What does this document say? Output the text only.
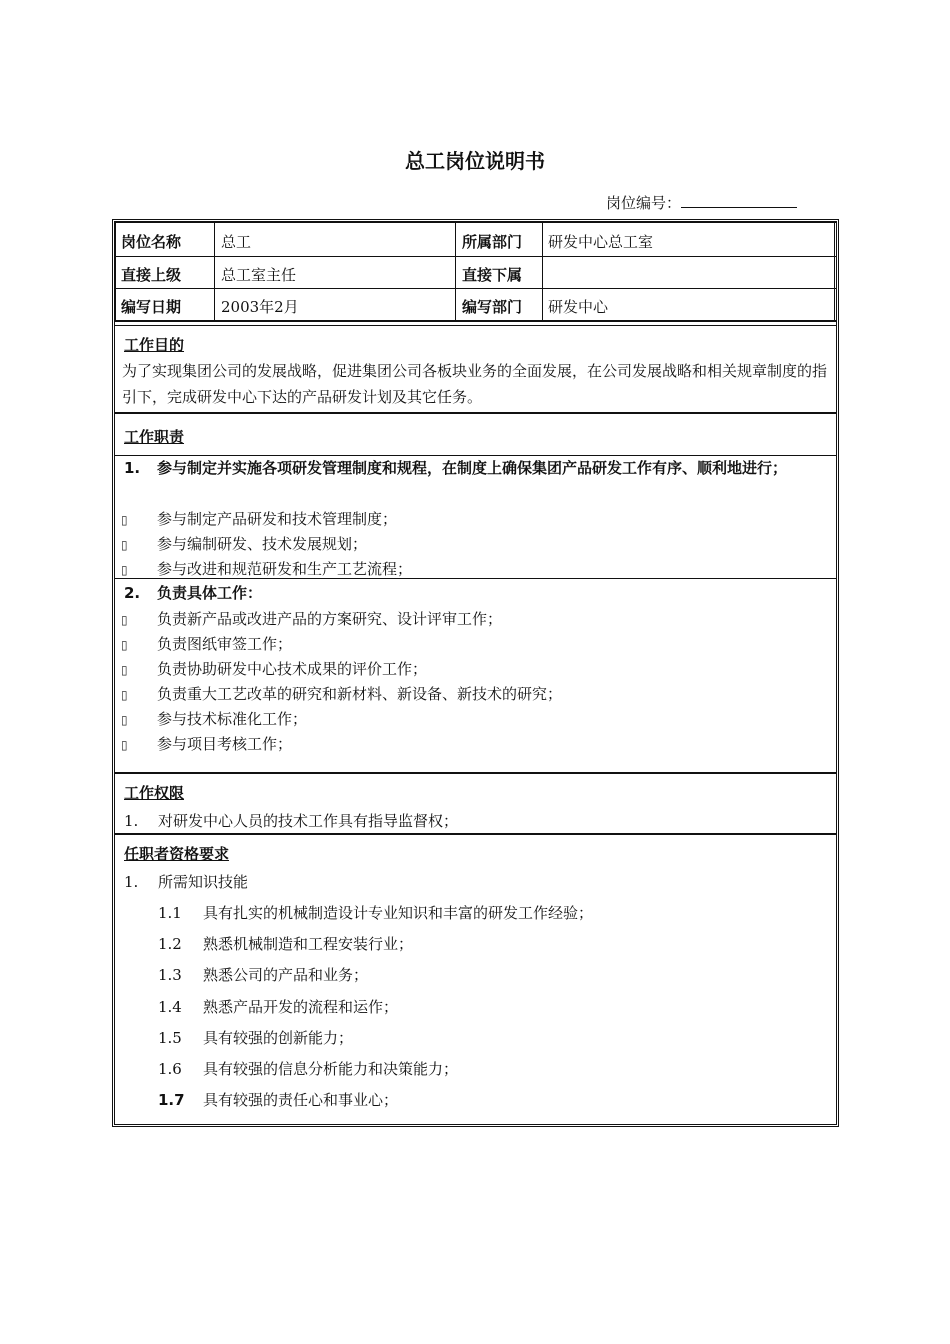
总工岗位说明书
岗位编号：
岗位名称	总工	所属部门 研发中心总工室
直接上级	总工室主任	直接下属
编写日期	2003年2月	编写部门 研发中心
工作目的
为了实现集团公司的发展战略，促进集团公司各板块业务的全面发展，在公司发展战略和相关规章制度的指引下，完成研发中心下达的产品研发计划及其它任务。
工作职责
1.	参与制定并实施各项研发管理制度和规程，在制度上确保集团产品研发工作有序、顺利地进行；
▯ 参与制定产品研发和技术管理制度；
▯ 参与编制研发、技术发展规划；
▯ 参与改进和规范研发和生产工艺流程；
2.	负责具体工作：
▯ 负责新产品或改进产品的方案研究、设计评审工作；
▯ 负责图纸审签工作；
▯ 负责协助研发中心技术成果的评价工作；
▯ 负责重大工艺改革的研究和新材料、新设备、新技术的研究；
▯ 参与技术标准化工作；
▯ 参与项目考核工作；
工作权限
1. 对研发中心人员的技术工作具有指导监督权；
任职者资格要求
1. 所需知识技能
1.1 具有扎实的机械制造设计专业知识和丰富的研发工作经验；
1.2 熟悉机械制造和工程安装行业；
1.3 熟悉公司的产品和业务；
1.4 熟悉产品开发的流程和运作；
1.5 具有较强的创新能力；
1.6 具有较强的信息分析能力和决策能力；
1.7 具有较强的责任心和事业心；
